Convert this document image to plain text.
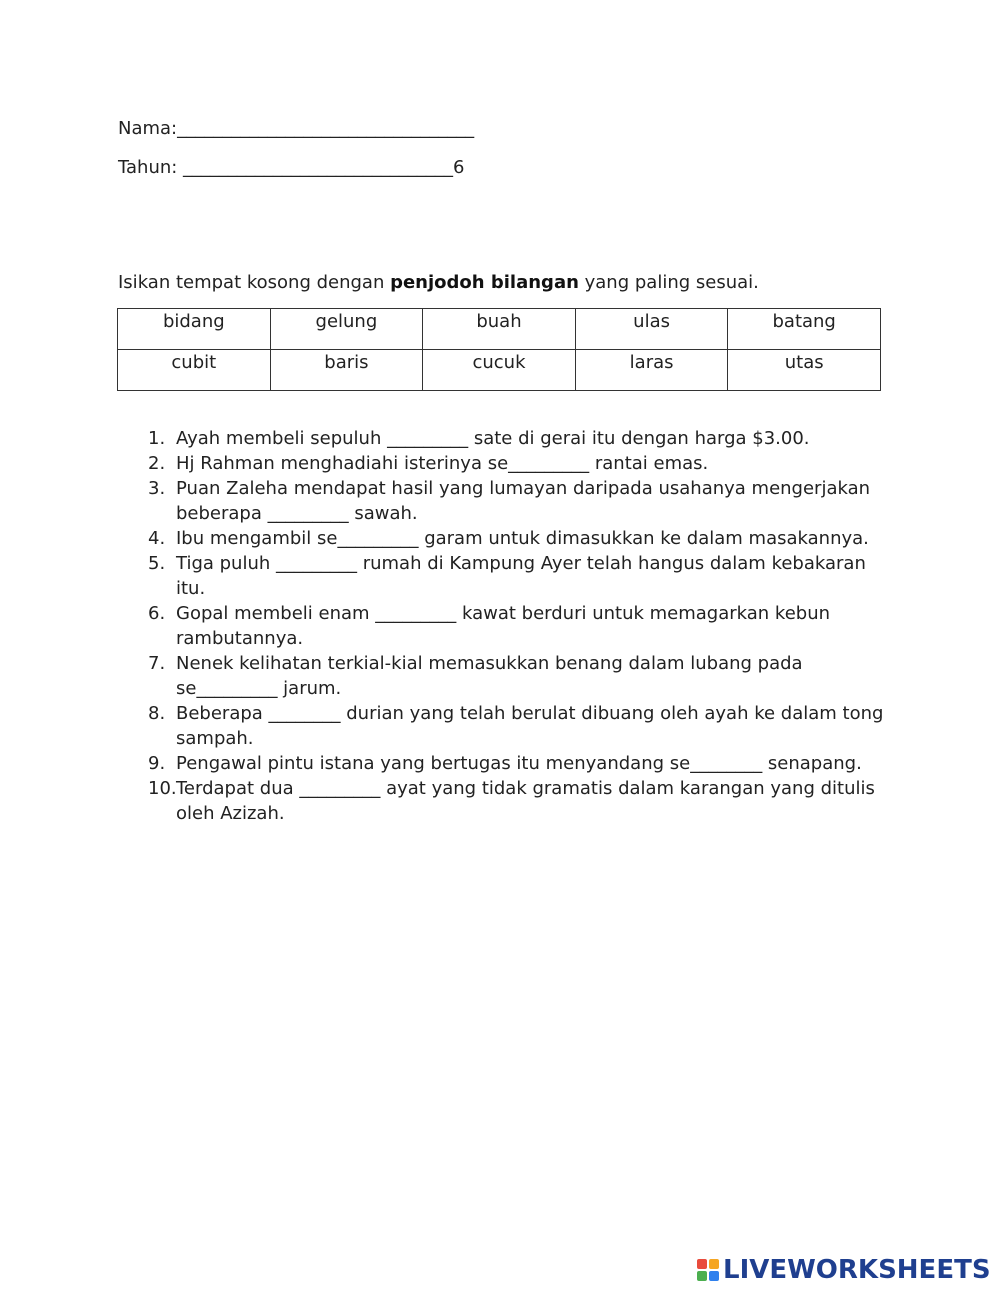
Nama:_________________________________
Tahun: ______________________________6
Isikan tempat kosong dengan penjodoh bilangan yang paling sesuai.
bidang	gelung	buah	ulas	batang
cubit	baris	cucuk	laras	utas
1. Ayah membeli sepuluh _________ sate di gerai itu dengan harga $3.00.
2. Hj Rahman menghadiahi isterinya se_________ rantai emas.
3. Puan Zaleha mendapat hasil yang lumayan daripada usahanya mengerjakan beberapa _________ sawah.
4. Ibu mengambil se_________ garam untuk dimasukkan ke dalam masakannya.
5. Tiga puluh _________ rumah di Kampung Ayer telah hangus dalam kebakaran itu.
6. Gopal membeli enam _________ kawat berduri untuk memagarkan kebun rambutannya.
7. Nenek kelihatan terkial-kial memasukkan benang dalam lubang pada se_________ jarum.
8. Beberapa ________ durian yang telah berulat dibuang oleh ayah ke dalam tong sampah.
9. Pengawal pintu istana yang bertugas itu menyandang se________ senapang.
10. Terdapat dua _________ ayat yang tidak gramatis dalam karangan yang ditulis oleh Azizah.
LIVEWORKSHEETS
